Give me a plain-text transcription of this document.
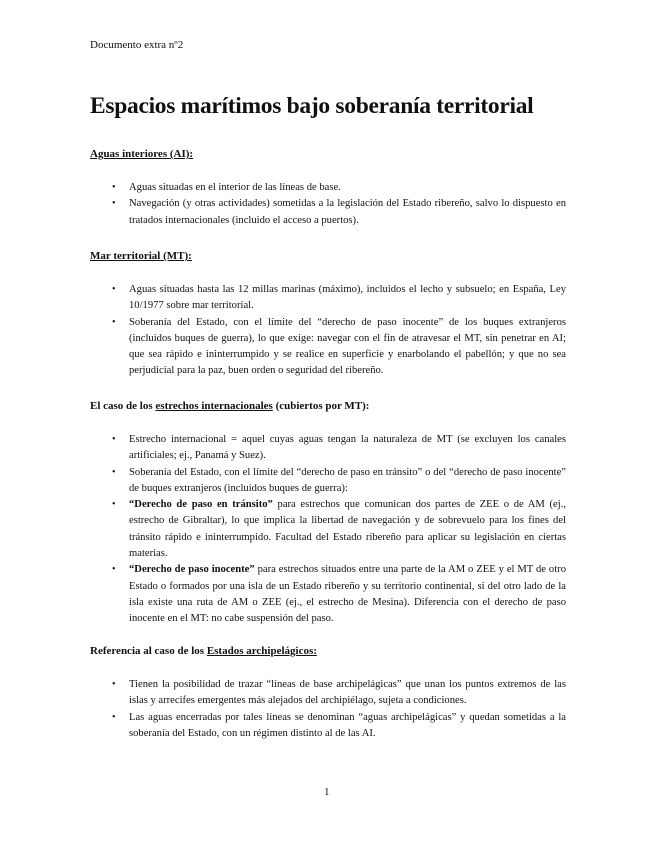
Documento extra nº2
Espacios marítimos bajo soberanía territorial
Aguas interiores (AI):
• Aguas situadas en el interior de las líneas de base.
• Navegación (y otras actividades) sometidas a la legislación del Estado ribereño, salvo lo dispuesto en tratados internacionales (incluido el acceso a puertos).
Mar territorial (MT):
• Aguas situadas hasta las 12 millas marinas (máximo), incluidos el lecho y subsuelo; en España, Ley 10/1977 sobre mar territorial.
• Soberanía del Estado, con el límite del “derecho de paso inocente” de los buques extranjeros (incluidos buques de guerra), lo que exige: navegar con el fin de atravesar el MT, sin penetrar en AI; que sea rápido e ininterrumpido y se realice en superficie y enarbolando el pabellón; y que no sea perjudicial para la paz, buen orden o seguridad del ribereño.
El caso de los estrechos internacionales (cubiertos por MT):
• Estrecho internacional = aquel cuyas aguas tengan la naturaleza de MT (se excluyen los canales artificiales; ej., Panamá y Suez).
• Soberanía del Estado, con el límite del “derecho de paso en tránsito” o del “derecho de paso inocente” de buques extranjeros (incluidos buques de guerra):
• “Derecho de paso en tránsito” para estrechos que comunican dos partes de ZEE o de AM (ej., estrecho de Gibraltar), lo que implica la libertad de navegación y de sobrevuelo para los fines del tránsito rápido e ininterrumpido. Facultad del Estado ribereño para aplicar su legislación en ciertas materias.
• “Derecho de paso inocente” para estrechos situados entre una parte de la AM o ZEE y el MT de otro Estado o formados por una isla de un Estado ribereño y su territorio continental, si del otro lado de la isla existe una ruta de AM o ZEE (ej., el estrecho de Mesina). Diferencia con el derecho de paso inocente en el MT: no cabe suspensión del paso.
Referencia al caso de los Estados archipelágicos:
• Tienen la posibilidad de trazar “líneas de base archipelágicas” que unan los puntos extremos de las islas y arrecifes emergentes más alejados del archipiélago, sujeta a condiciones.
• Las aguas encerradas por tales líneas se denominan “aguas archipelágicas” y quedan sometidas a la soberanía del Estado, con un régimen distinto al de las AI.
1
